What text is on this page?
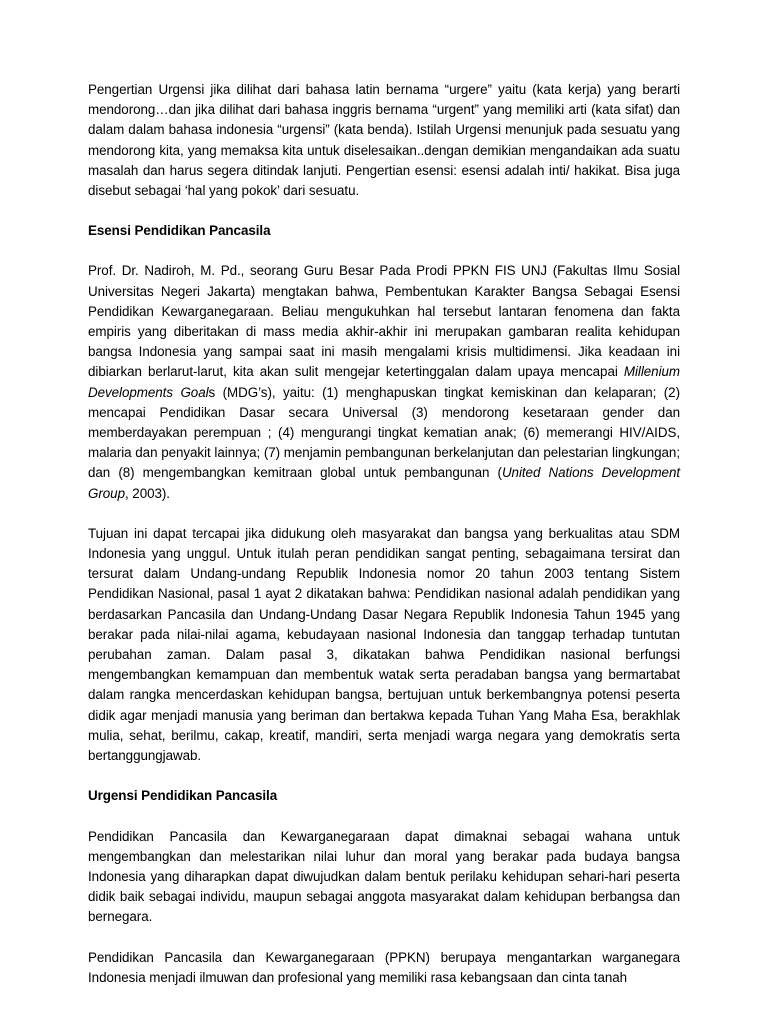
Pengertian Urgensi jika dilihat dari bahasa latin bernama “urgere” yaitu (kata kerja) yang berarti mendorong…dan jika dilihat dari bahasa inggris bernama “urgent” yang memiliki arti (kata sifat) dan dalam dalam bahasa indonesia “urgensi” (kata benda). Istilah Urgensi menunjuk pada sesuatu yang mendorong kita, yang memaksa kita untuk diselesaikan..dengan demikian mengandaikan ada suatu masalah dan harus segera ditindak lanjuti. Pengertian esensi: esensi adalah inti/ hakikat. Bisa juga disebut sebagai ‘hal yang pokok’ dari sesuatu.

Esensi Pendidikan Pancasila

Prof. Dr. Nadiroh, M. Pd., seorang Guru Besar Pada Prodi PPKN FIS UNJ (Fakultas Ilmu Sosial Universitas Negeri Jakarta) mengtakan bahwa, Pembentukan Karakter Bangsa Sebagai Esensi Pendidikan Kewarganegaraan. Beliau mengukuhkan hal tersebut lantaran fenomena dan fakta empiris yang diberitakan di mass media akhir-akhir ini merupakan gambaran realita kehidupan bangsa Indonesia yang sampai saat ini masih mengalami krisis multidimensi. Jika keadaan ini dibiarkan berlarut-larut, kita akan sulit mengejar ketertinggalan dalam upaya mencapai Millenium Developments Goals (MDG’s), yaitu: (1) menghapuskan tingkat kemiskinan dan kelaparan; (2) mencapai Pendidikan Dasar secara Universal (3) mendorong kesetaraan gender dan memberdayakan perempuan ; (4) mengurangi tingkat kematian anak; (6) memerangi HIV/AIDS, malaria dan penyakit lainnya; (7) menjamin pembangunan berkelanjutan dan pelestarian lingkungan; dan (8) mengembangkan kemitraan global untuk pembangunan (United Nations Development Group, 2003).

Tujuan ini dapat tercapai jika didukung oleh masyarakat dan bangsa yang berkualitas atau SDM Indonesia yang unggul. Untuk itulah peran pendidikan sangat penting, sebagaimana tersirat dan tersurat dalam Undang-undang Republik Indonesia nomor 20 tahun 2003 tentang Sistem Pendidikan Nasional, pasal 1 ayat 2 dikatakan bahwa: Pendidikan nasional adalah pendidikan yang berdasarkan Pancasila dan Undang-Undang Dasar Negara Republik Indonesia Tahun 1945 yang berakar pada nilai-nilai agama, kebudayaan nasional Indonesia dan tanggap terhadap tuntutan perubahan zaman. Dalam pasal 3, dikatakan bahwa Pendidikan nasional berfungsi mengembangkan kemampuan dan membentuk watak serta peradaban bangsa yang bermartabat dalam rangka mencerdaskan kehidupan bangsa, bertujuan untuk berkembangnya potensi peserta didik agar menjadi manusia yang beriman dan bertakwa kepada Tuhan Yang Maha Esa, berakhlak mulia, sehat, berilmu, cakap, kreatif, mandiri, serta menjadi warga negara yang demokratis serta bertanggungjawab.

Urgensi Pendidikan Pancasila

Pendidikan Pancasila dan Kewarganegaraan dapat dimaknai sebagai wahana untuk mengembangkan dan melestarikan nilai luhur dan moral yang berakar pada budaya bangsa Indonesia yang diharapkan dapat diwujudkan dalam bentuk perilaku kehidupan sehari-hari peserta didik baik sebagai individu, maupun sebagai anggota masyarakat dalam kehidupan berbangsa dan bernegara.

Pendidikan Pancasila dan Kewarganegaraan (PPKN) berupaya mengantarkan warganegara Indonesia menjadi ilmuwan dan profesional yang memiliki rasa kebangsaan dan cinta tanah
